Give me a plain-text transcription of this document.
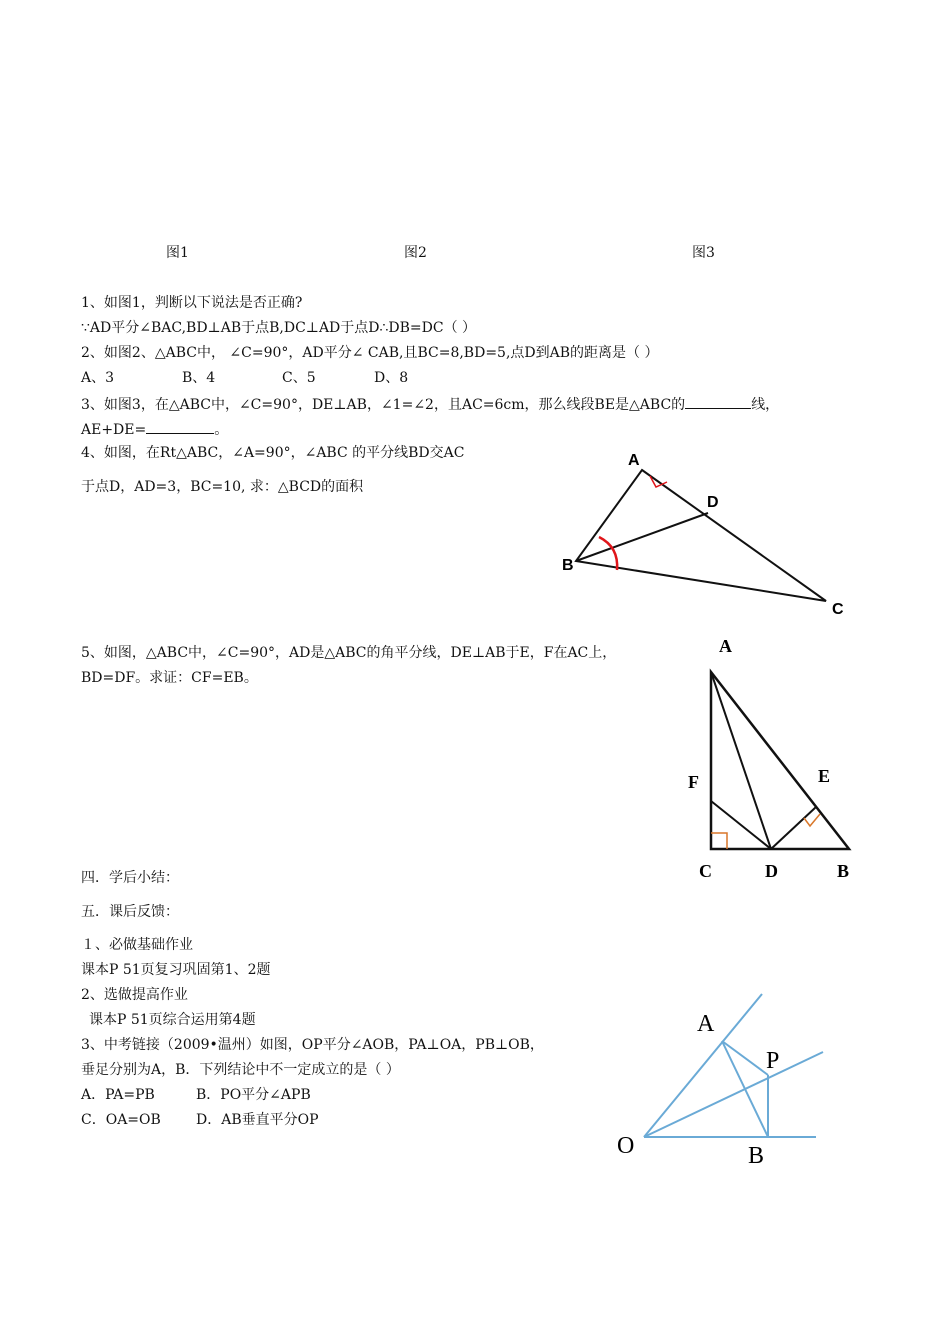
图1	图2	图3
1、如图1，判断以下说法是否正确?
∵AD平分∠BAC,BD⊥AB于点B,DC⊥AD于点D∴DB=DC（ ）
2、如图2、△ABC中， ∠C=90°，AD平分∠ CAB,且BC=8,BD=5,点D到AB的距离是（ ）
A、3	B、4	C、5	D、8
3、如图3，在△ABC中，∠C=90°，DE⊥AB，∠1=∠2，且AC=6cm，那么线段BE是△ABC的	线，
AE+DE=	。
4、如图，在Rt△ABC，∠A=90°，∠ABC 的平分线BD交AC
于点D，AD=3，BC=10, 求：△BCD的面积
A
D
B
C
5、如图，△ABC中，∠C=90°，AD是△ABC的角平分线，DE⊥AB于E，F在AC上，
BD=DF。求证：CF=EB。
A
F	E
C	D	B
四．学后小结：
五．课后反馈：
１、必做基础作业
课本P 51页复习巩固第1、2题
2、选做提高作业
课本P 51页综合运用第4题
3、中考链接（2009•温州）如图，OP平分∠AOB，PA⊥OA，PB⊥OB，
垂足分别为A，B．下列结论中不一定成立的是（ ）
A．PA=PB	B．PO平分∠APB
C．OA=OB	D．AB垂直平分OP
A
P
O	B
